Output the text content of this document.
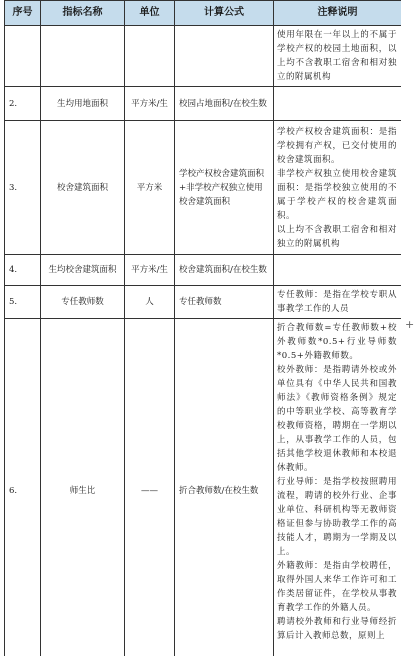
序号	指标名称	单位	计算公式	注释说明

				使用年限在一年以上的不属于学校产权的校园土地面积，以上均不含教职工宿舍和相对独立的附属机构

2.	生均用地面积	平方米/生	校园占地面积/在校生数	
3.	校舍建筑面积	平方米	学校产权校舍建筑面积+非学校产权独立使用校舍建筑面积	学校产权校舍建筑面积：是指学校拥有产权，已交付使用的校舍建筑面积。
非学校产权独立使用校舍建筑面积：是指学校独立使用的不属于学校产权的校舍建筑面积。
以上均不含教职工宿舍和相对独立的附属机构

4.	生均校舍建筑面积	平方米/生	校舍建筑面积/在校生数	
5.	专任教师数	人	专任教师数	专任教师：是指在学校专职从事教学工作的人员

6.	师生比	——	折合教师数/在校生数	折合教师数=专任教师数+校外教师数*0.5+行业导师数*0.5+外籍教师数。
校外教师：是指聘请外校或外单位具有《中华人民共和国教师法》《教师资格条例》规定的中等职业学校、高等教育学校教师资格，聘期在一学期以上，从事教学工作的人员，包括其他学校退休教师和本校退休教师。
行业导师：是指学校按照聘用流程，聘请的校外行业、企事业单位、科研机构等无教师资格证但参与协助教学工作的高技能人才，聘期为一学期及以上。
外籍教师：是指由学校聘任，取得外国人来华工作许可和工作类居留证件，在学校从事教育教学工作的外籍人员。
聘请校外教师和行业导师经折算后计入教师总数，原则上
+
